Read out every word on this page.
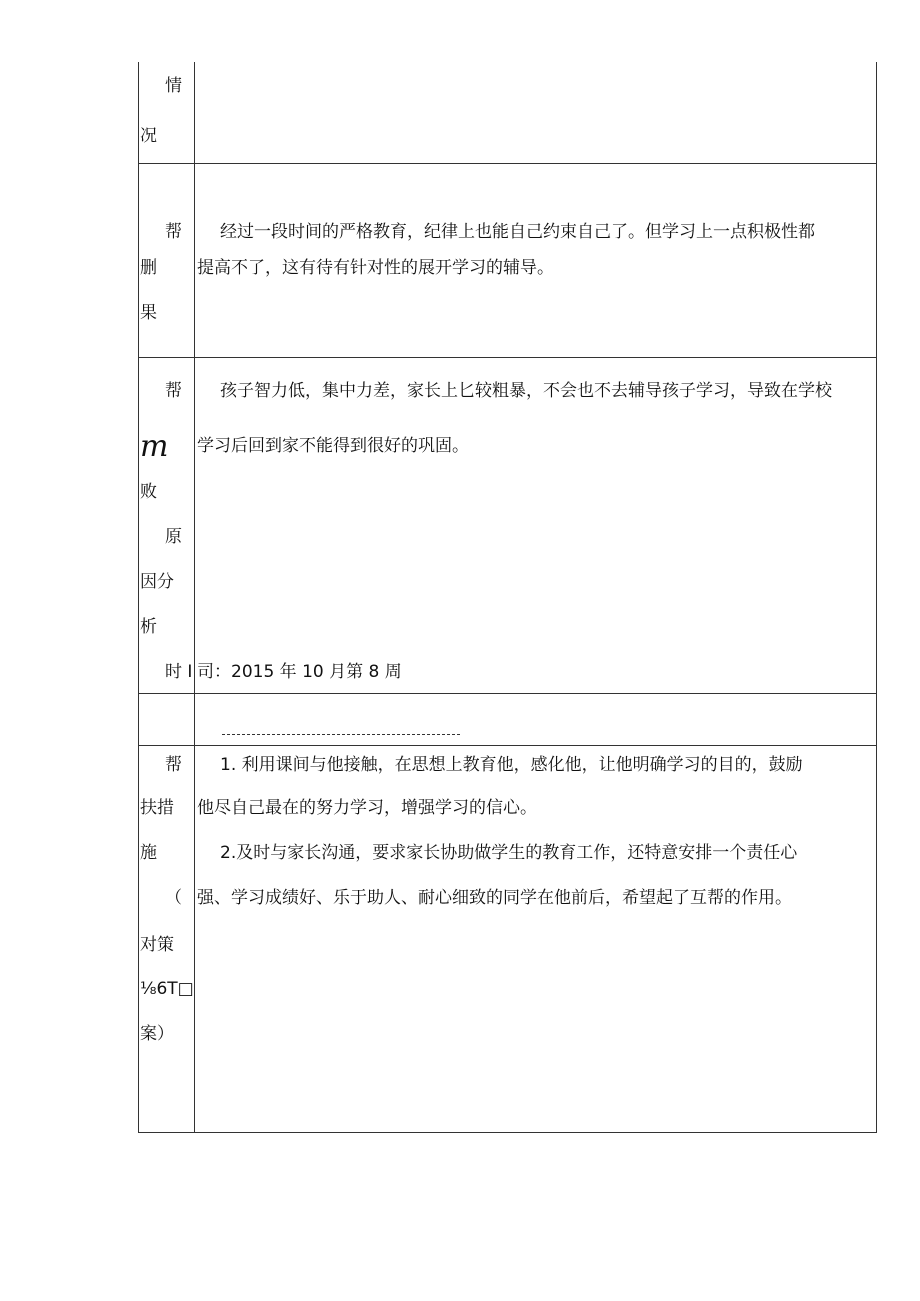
情
况
帮
删
果
经过一段时间的严格教育，纪律上也能自己约束自己了。但学习上一点积极性都
提高不了，这有待有针对性的展开学习的辅导。
帮
m
败
原
因分
析
时 I
孩子智力低，集中力差，家长上匕较粗暴，不会也不去辅导孩子学习，导致在学校
学习后回到家不能得到很好的巩固。
司：2015 年 10 月第 8 周
帮
扶措
施
（
对策
⅛6T□
案）
1. 利用课间与他接触，在思想上教育他，感化他，让他明确学习的目的，鼓励
他尽自己最在的努力学习，增强学习的信心。
2.及时与家长沟通，要求家长协助做学生的教育工作，还特意安排一个责任心
强、学习成绩好、乐于助人、耐心细致的同学在他前后，希望起了互帮的作用。
